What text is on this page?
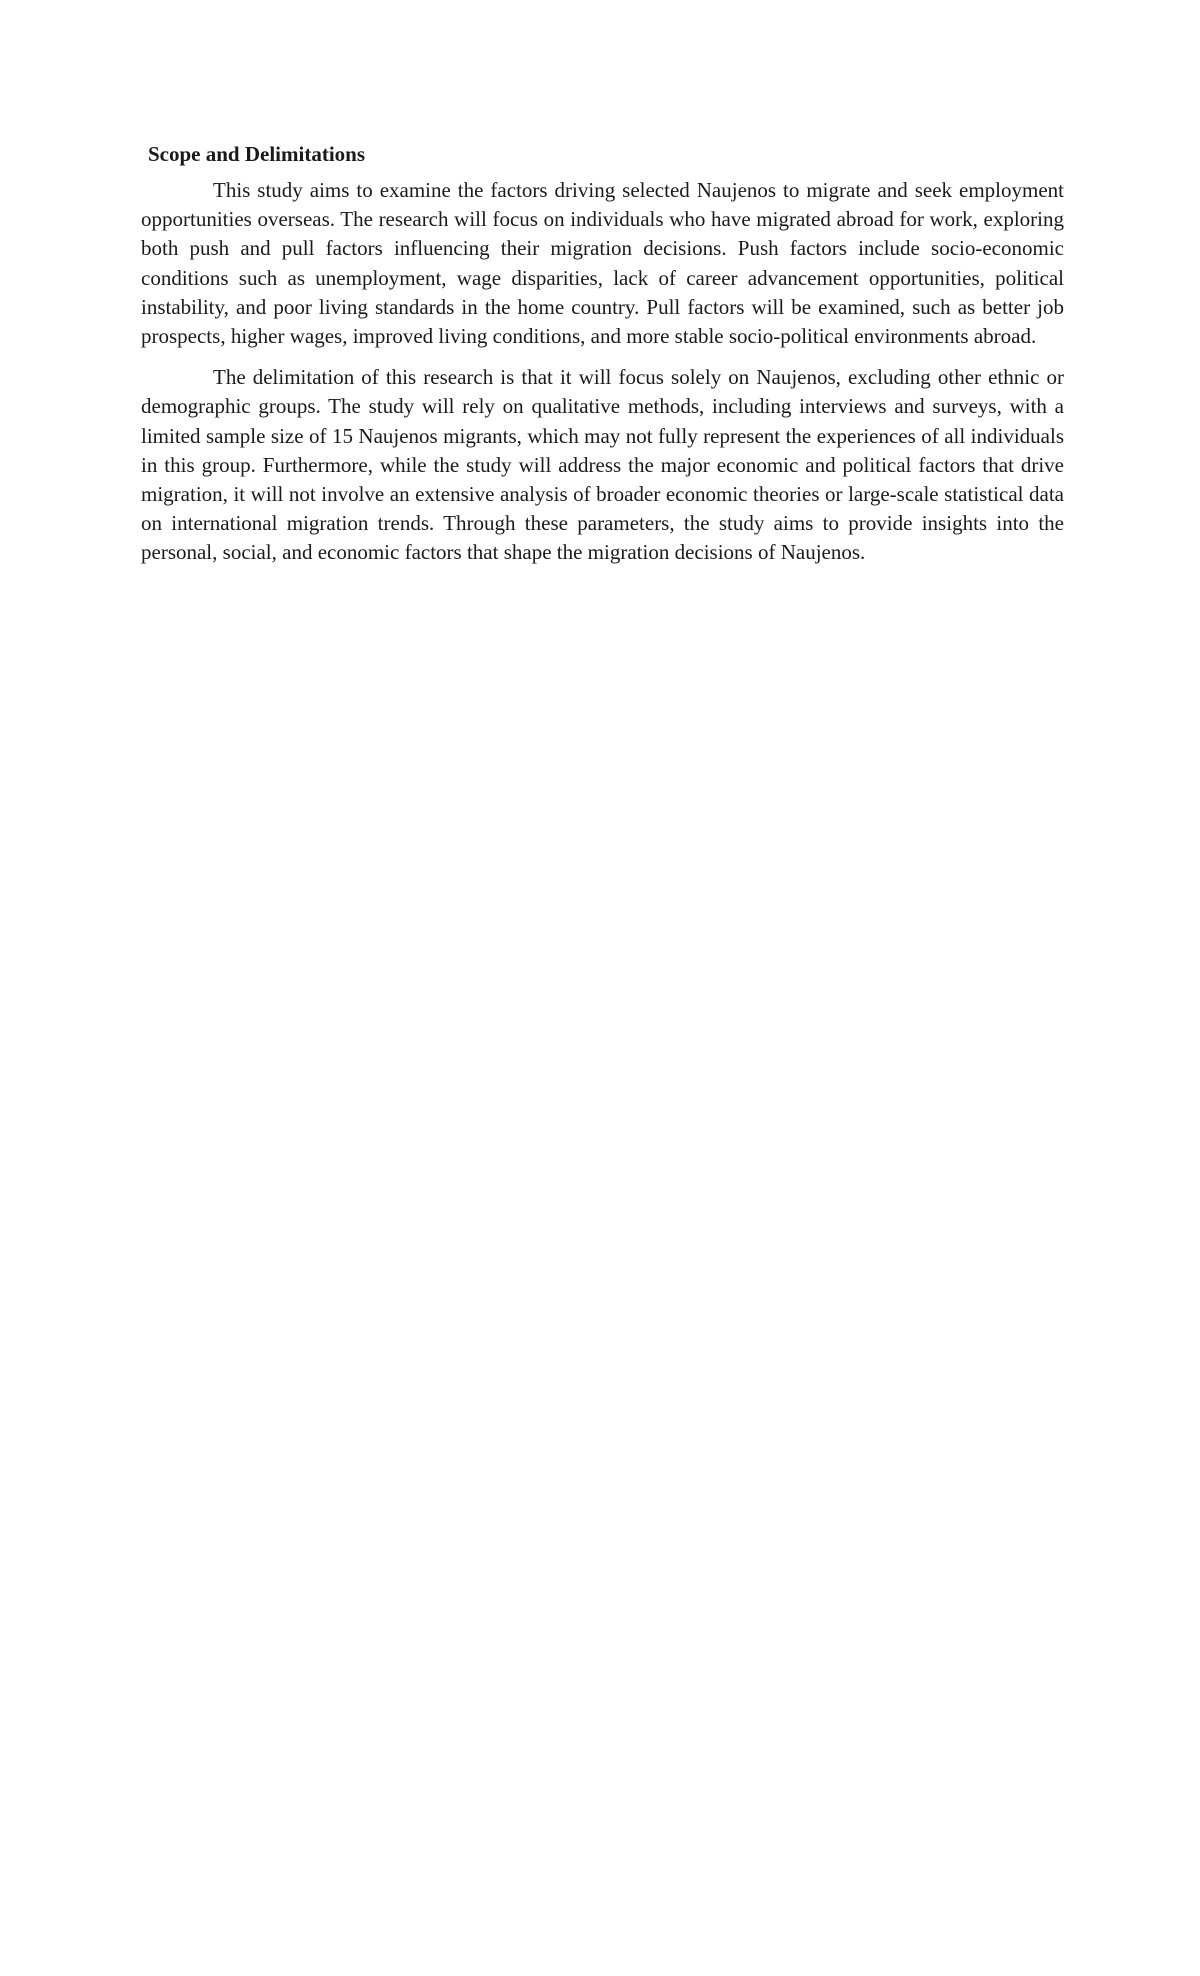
Scope and Delimitations

This study aims to examine the factors driving selected Naujenos to migrate and seek employment opportunities overseas. The research will focus on individuals who have migrated abroad for work, exploring both push and pull factors influencing their migration decisions. Push factors include socio-economic conditions such as unemployment, wage disparities, lack of career advancement opportunities, political instability, and poor living standards in the home country. Pull factors will be examined, such as better job prospects, higher wages, improved living conditions, and more stable socio-political environments abroad.

The delimitation of this research is that it will focus solely on Naujenos, excluding other ethnic or demographic groups. The study will rely on qualitative methods, including interviews and surveys, with a limited sample size of 15 Naujenos migrants, which may not fully represent the experiences of all individuals in this group. Furthermore, while the study will address the major economic and political factors that drive migration, it will not involve an extensive analysis of broader economic theories or large-scale statistical data on international migration trends. Through these parameters, the study aims to provide insights into the personal, social, and economic factors that shape the migration decisions of Naujenos.
